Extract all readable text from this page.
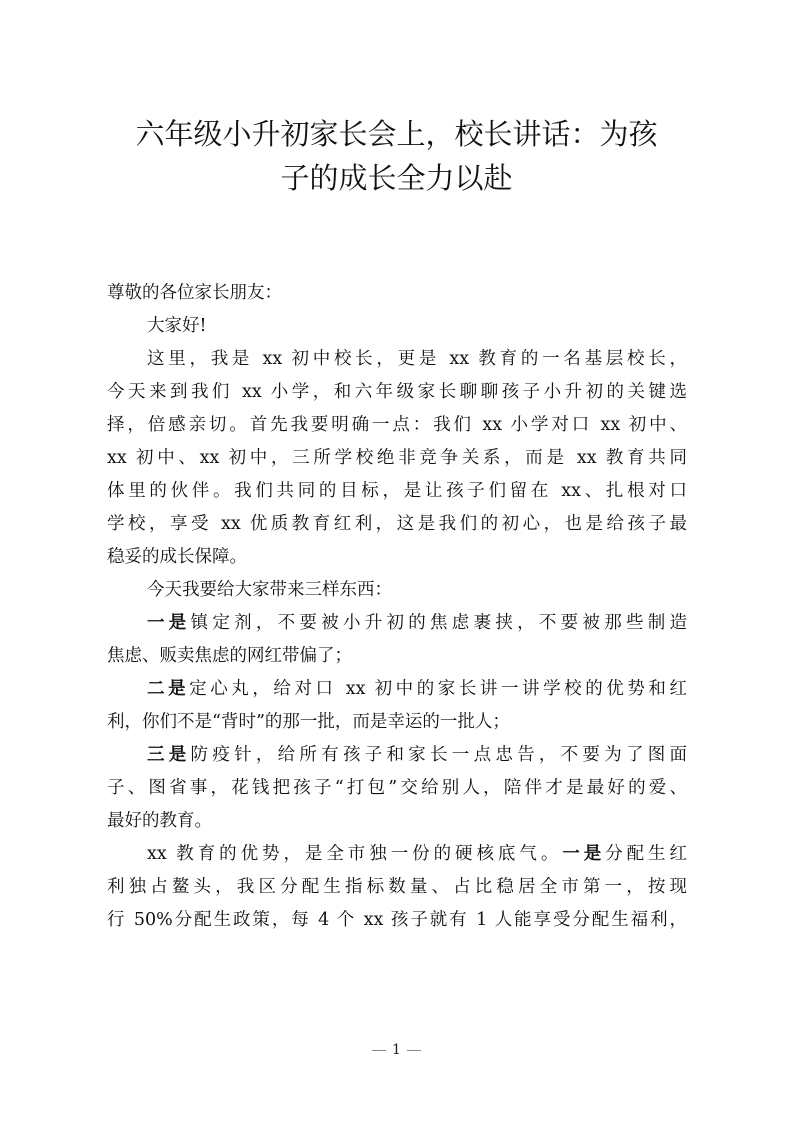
六年级小升初家长会上，校长讲话：为孩
子的成长全力以赴
尊敬的各位家长朋友：
大家好!
这里，我是 xx 初中校长，更是 xx 教育的一名基层校长，
今天来到我们 xx 小学，和六年级家长聊聊孩子小升初的关键选
择，倍感亲切。首先我要明确一点：我们 xx 小学对口 xx 初中、
xx 初中、xx 初中，三所学校绝非竞争关系，而是 xx 教育共同
体里的伙伴。我们共同的目标，是让孩子们留在 xx、扎根对口
学校，享受 xx 优质教育红利，这是我们的初心，也是给孩子最
稳妥的成长保障。
今天我要给大家带来三样东西：
一是镇定剂，不要被小升初的焦虑裹挟，不要被那些制造
焦虑、贩卖焦虑的网红带偏了；
二是定心丸，给对口 xx 初中的家长讲一讲学校的优势和红
利，你们不是“背时”的那一批，而是幸运的一批人；
三是防疫针，给所有孩子和家长一点忠告，不要为了图面
子、图省事，花钱把孩子“打包”交给别人，陪伴才是最好的爱、
最好的教育。
xx 教育的优势，是全市独一份的硬核底气。一是分配生红
利独占鳌头，我区分配生指标数量、占比稳居全市第一，按现
行 50%分配生政策，每 4 个 xx 孩子就有 1 人能享受分配生福利，
1
